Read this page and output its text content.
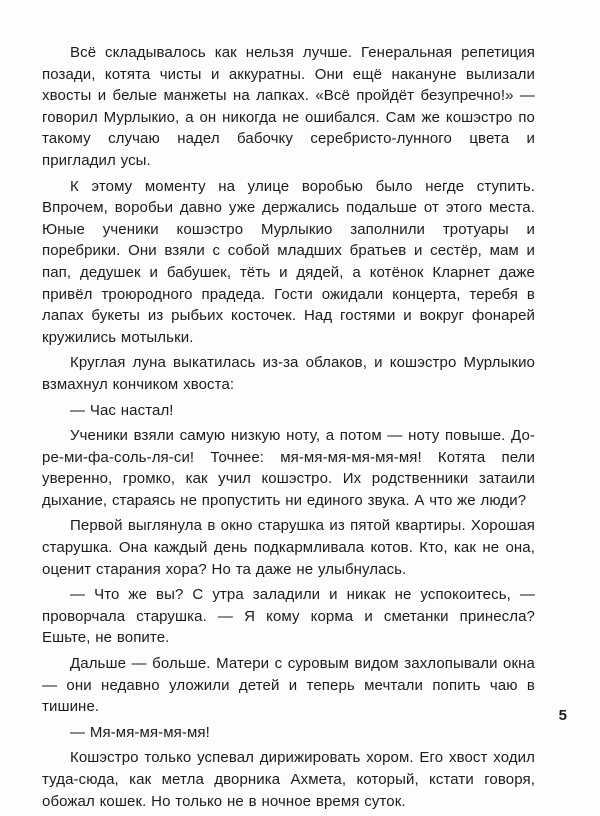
Всё складывалось как нельзя лучше. Генеральная репетиция позади, котята чисты и аккуратны. Они ещё накануне вылизали хвосты и белые манжеты на лапках. «Всё пройдёт безупречно!» — говорил Мурлыкио, а он никогда не ошибался. Сам же кошэстро по такому случаю надел бабочку серебристо-лунного цвета и пригладил усы.

К этому моменту на улице воробью было негде ступить. Впрочем, воробьи давно уже держались подальше от этого места. Юные ученики кошэстро Мурлыкио заполнили тротуары и поребрики. Они взяли с собой младших братьев и сестёр, мам и пап, дедушек и бабушек, тёть и дядей, а котёнок Кларнет даже привёл троюродного прадеда. Гости ожидали концерта, теребя в лапах букеты из рыбьих косточек. Над гостями и вокруг фонарей кружились мотыльки.

Круглая луна выкатилась из-за облаков, и кошэстро Мурлыкио взмахнул кончиком хвоста:

— Час настал!

Ученики взяли самую низкую ноту, а потом — ноту повыше. До-ре-ми-фа-соль-ля-си! Точнее: мя-мя-мя-мя-мя-мя! Котята пели уверенно, громко, как учил кошэстро. Их родственники затаили дыхание, стараясь не пропустить ни единого звука. А что же люди?

Первой выглянула в окно старушка из пятой квартиры. Хорошая старушка. Она каждый день подкармливала котов. Кто, как не она, оценит старания хора? Но та даже не улыбнулась.

— Что же вы? С утра заладили и никак не успокоитесь, — проворчала старушка. — Я кому корма и сметанки принесла? Ешьте, не вопите.

Дальше — больше. Матери с суровым видом захлопывали окна — они недавно уложили детей и теперь мечтали попить чаю в тишине.

— Мя-мя-мя-мя-мя!

Кошэстро только успевал дирижировать хором. Его хвост ходил туда-сюда, как метла дворника Ахмета, который, кстати говоря, обожал кошек. Но только не в ночное время суток.

5
